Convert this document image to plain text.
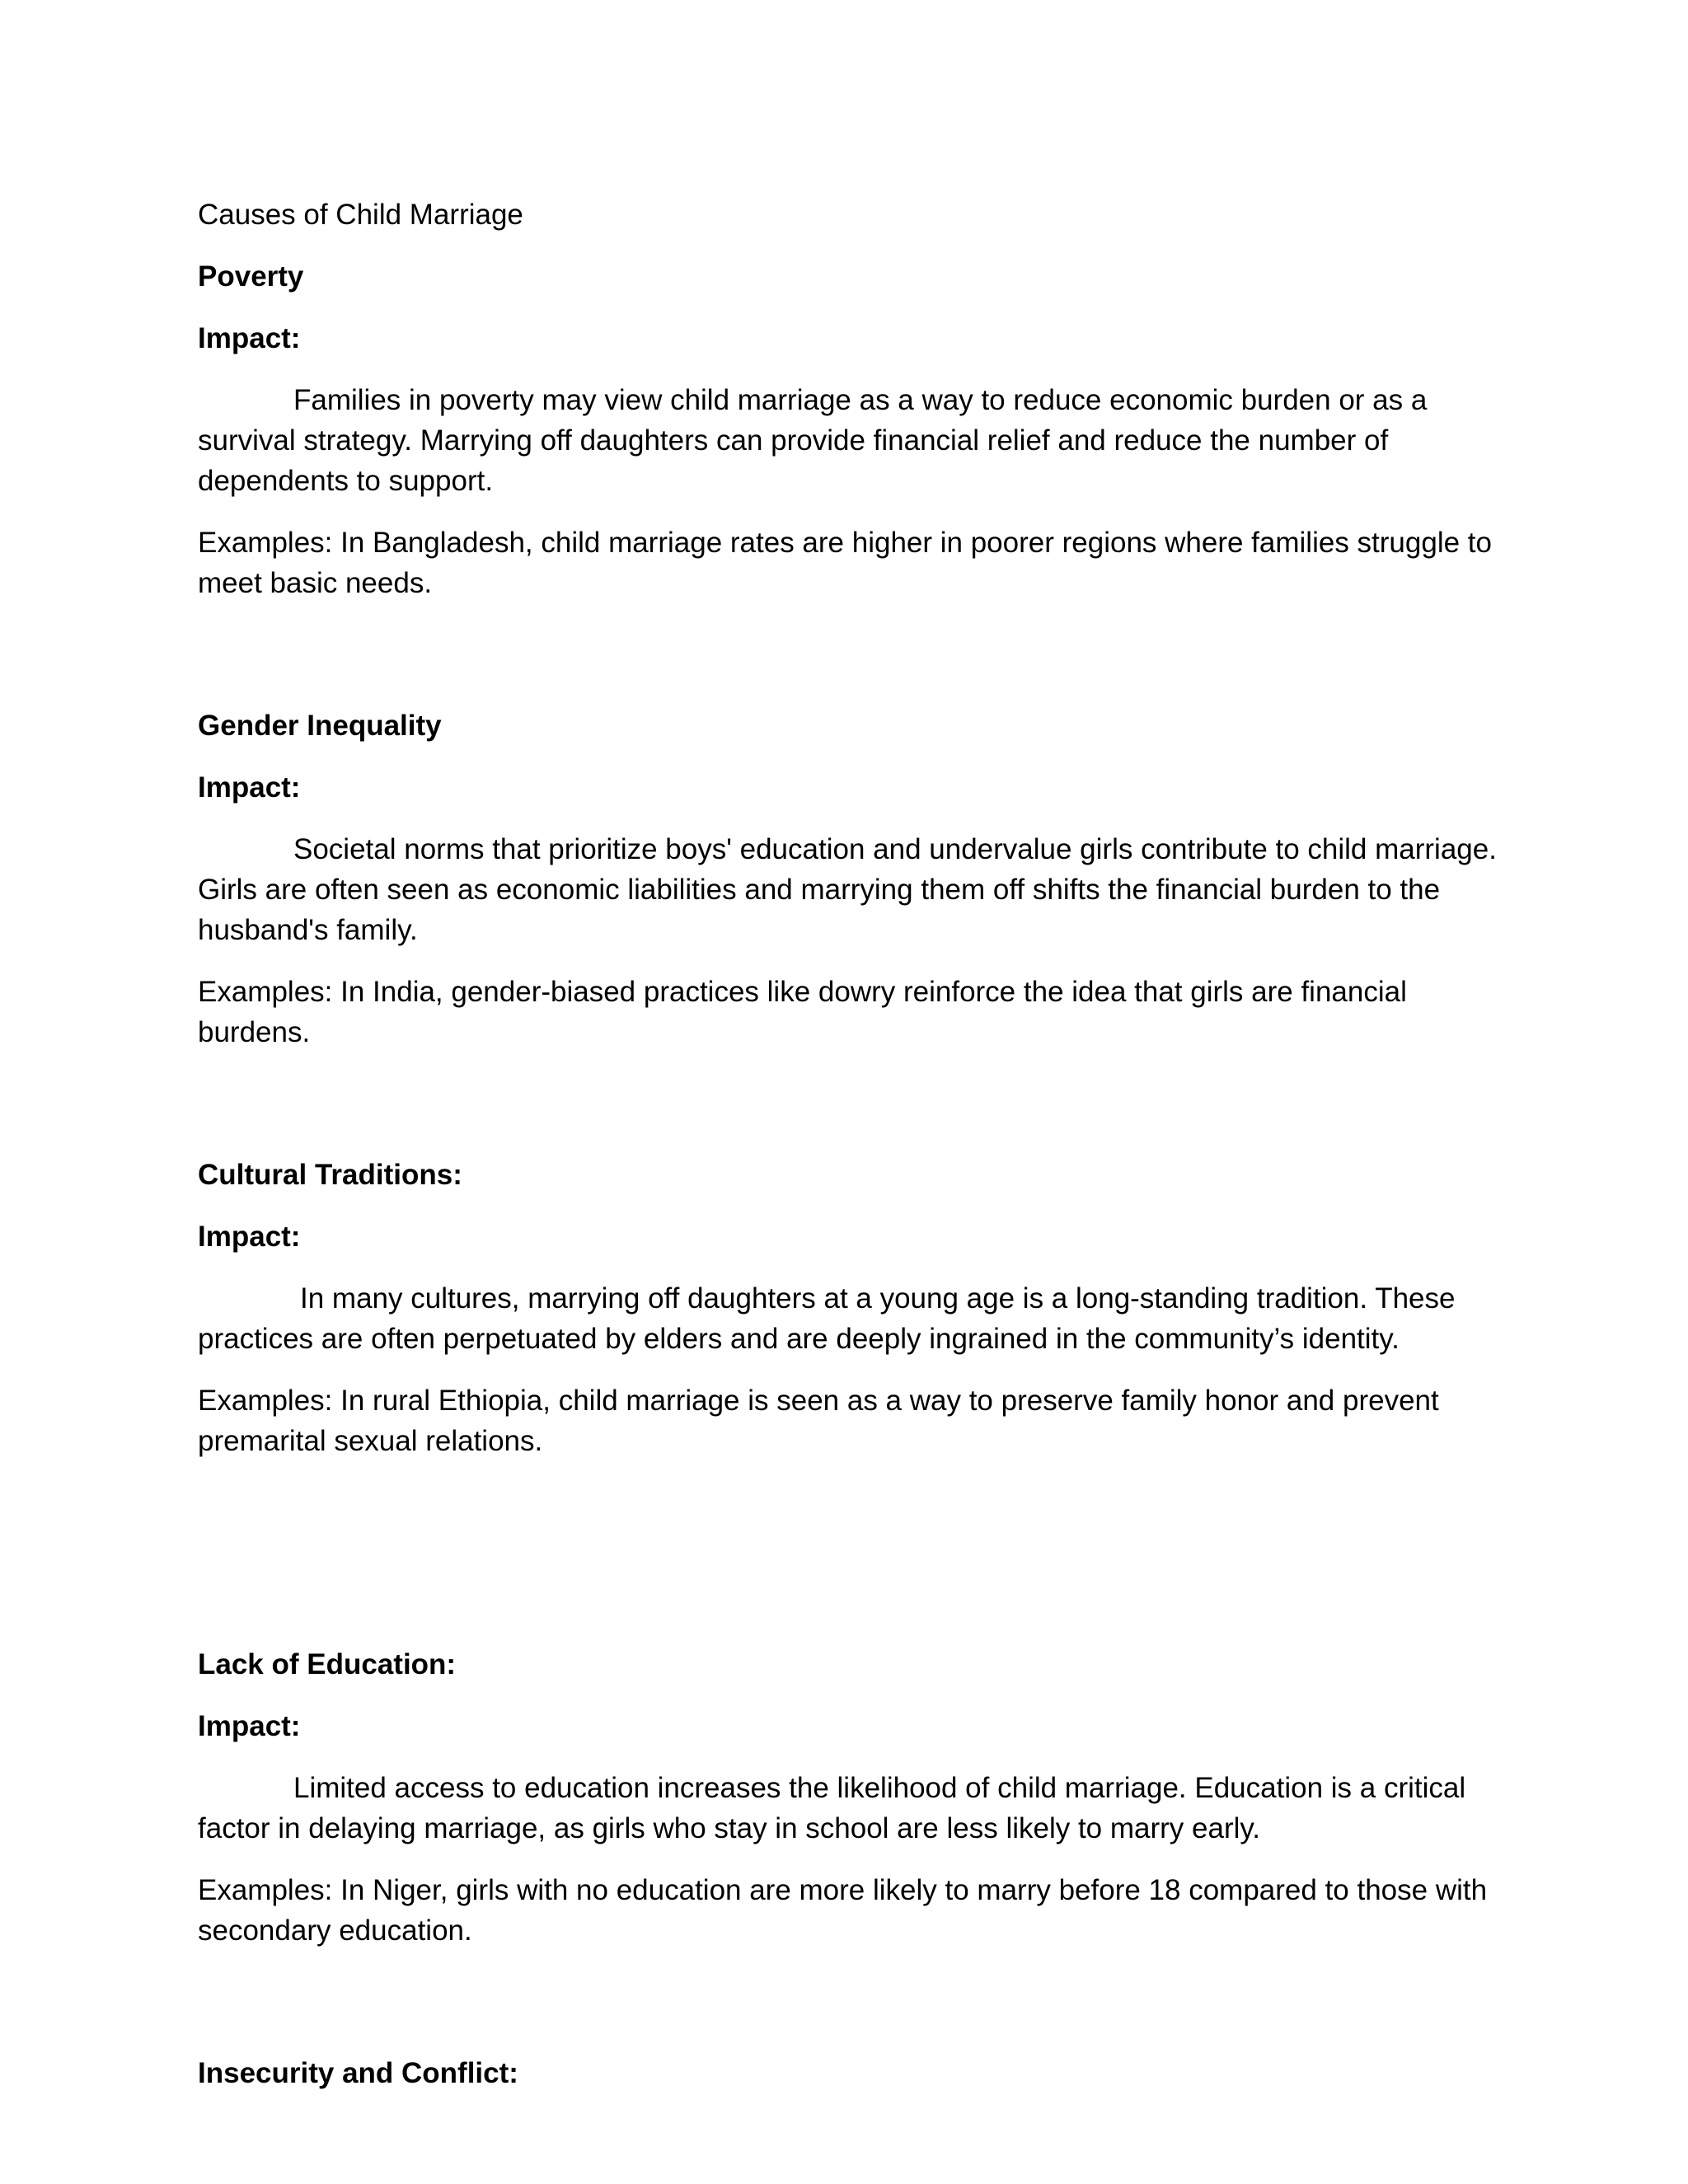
Causes of Child Marriage

Poverty

Impact:

Families in poverty may view child marriage as a way to reduce economic burden or as a survival strategy. Marrying off daughters can provide financial relief and reduce the number of dependents to support.

Examples: In Bangladesh, child marriage rates are higher in poorer regions where families struggle to meet basic needs.

Gender Inequality

Impact:

Societal norms that prioritize boys' education and undervalue girls contribute to child marriage. Girls are often seen as economic liabilities and marrying them off shifts the financial burden to the husband's family.

Examples: In India, gender-biased practices like dowry reinforce the idea that girls are financial burdens.

Cultural Traditions:

Impact:

In many cultures, marrying off daughters at a young age is a long-standing tradition. These practices are often perpetuated by elders and are deeply ingrained in the community’s identity.

Examples: In rural Ethiopia, child marriage is seen as a way to preserve family honor and prevent premarital sexual relations.

Lack of Education:

Impact:

Limited access to education increases the likelihood of child marriage. Education is a critical factor in delaying marriage, as girls who stay in school are less likely to marry early.

Examples: In Niger, girls with no education are more likely to marry before 18 compared to those with secondary education.

Insecurity and Conflict:
